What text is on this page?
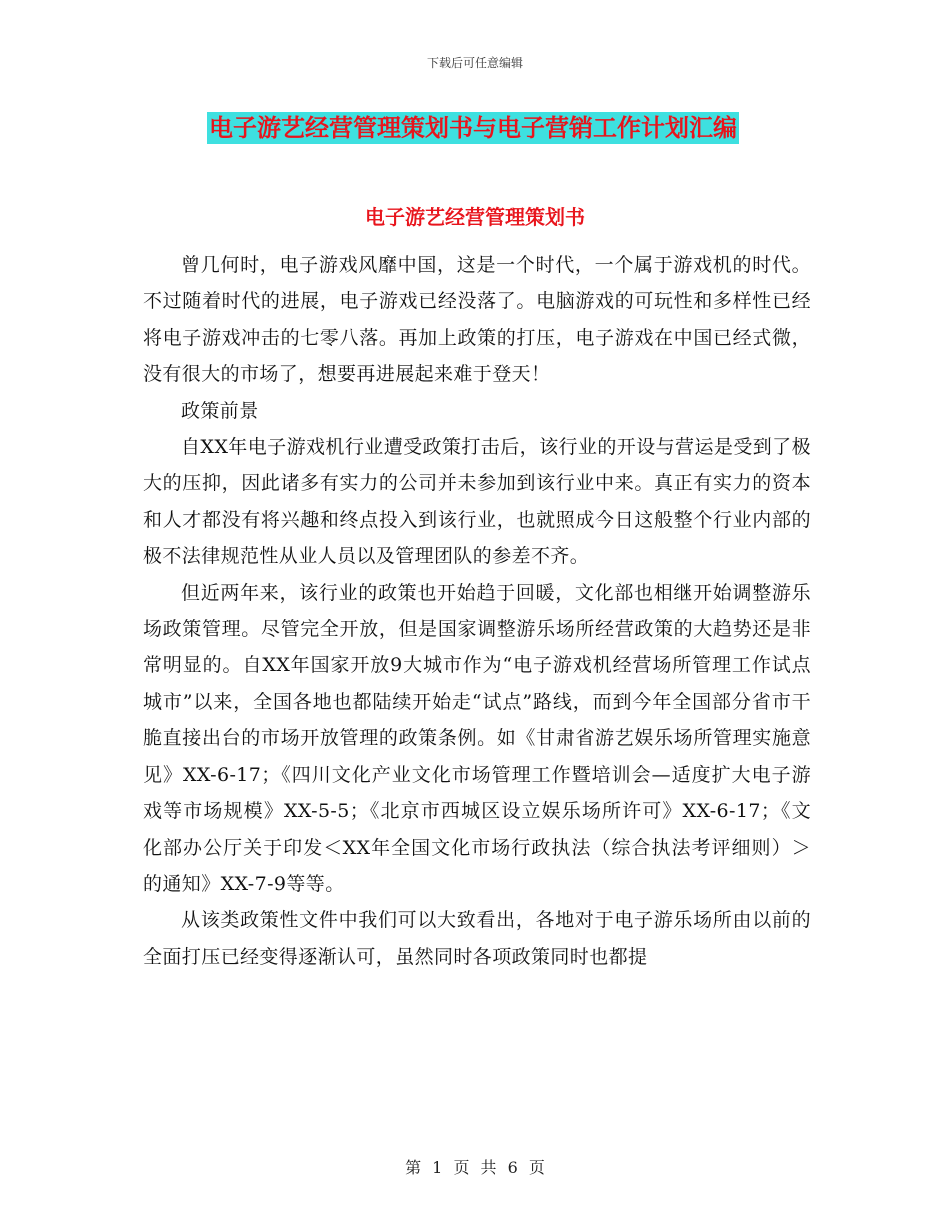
下载后可任意编辑
电子游艺经营管理策划书与电子营销工作计划汇编
电子游艺经营管理策划书

曾几何时，电子游戏风靡中国，这是一个时代，一个属于游戏机的时代。不过随着时代的进展，电子游戏已经没落了。电脑游戏的可玩性和多样性已经将电子游戏冲击的七零八落。再加上政策的打压，电子游戏在中国已经式微，没有很大的市场了，想要再进展起来难于登天！

政策前景

自XX年电子游戏机行业遭受政策打击后，该行业的开设与营运是受到了极大的压抑，因此诸多有实力的公司并未参加到该行业中来。真正有实力的资本和人才都没有将兴趣和终点投入到该行业，也就照成今日这般整个行业内部的极不法律规范性从业人员以及管理团队的参差不齐。

但近两年来，该行业的政策也开始趋于回暖，文化部也相继开始调整游乐场政策管理。尽管完全开放，但是国家调整游乐场所经营政策的大趋势还是非常明显的。自XX年国家开放9大城市作为“电子游戏机经营场所管理工作试点城市”以来，全国各地也都陆续开始走“试点”路线，而到今年全国部分省市干脆直接出台的市场开放管理的政策条例。如《甘肃省游艺娱乐场所管理实施意见》XX-6-17；《四川文化产业文化市场管理工作暨培训会—适度扩大电子游戏等市场规模》XX-5-5；《北京市西城区设立娱乐场所许可》XX-6-17；《文化部办公厅关于印发＜XX年全国文化市场行政执法（综合执法考评细则）＞的通知》XX-7-9等等。

从该类政策性文件中我们可以大致看出，各地对于电子游乐场所由以前的全面打压已经变得逐渐认可，虽然同时各项政策同时也都提

第 1 页 共 6 页
